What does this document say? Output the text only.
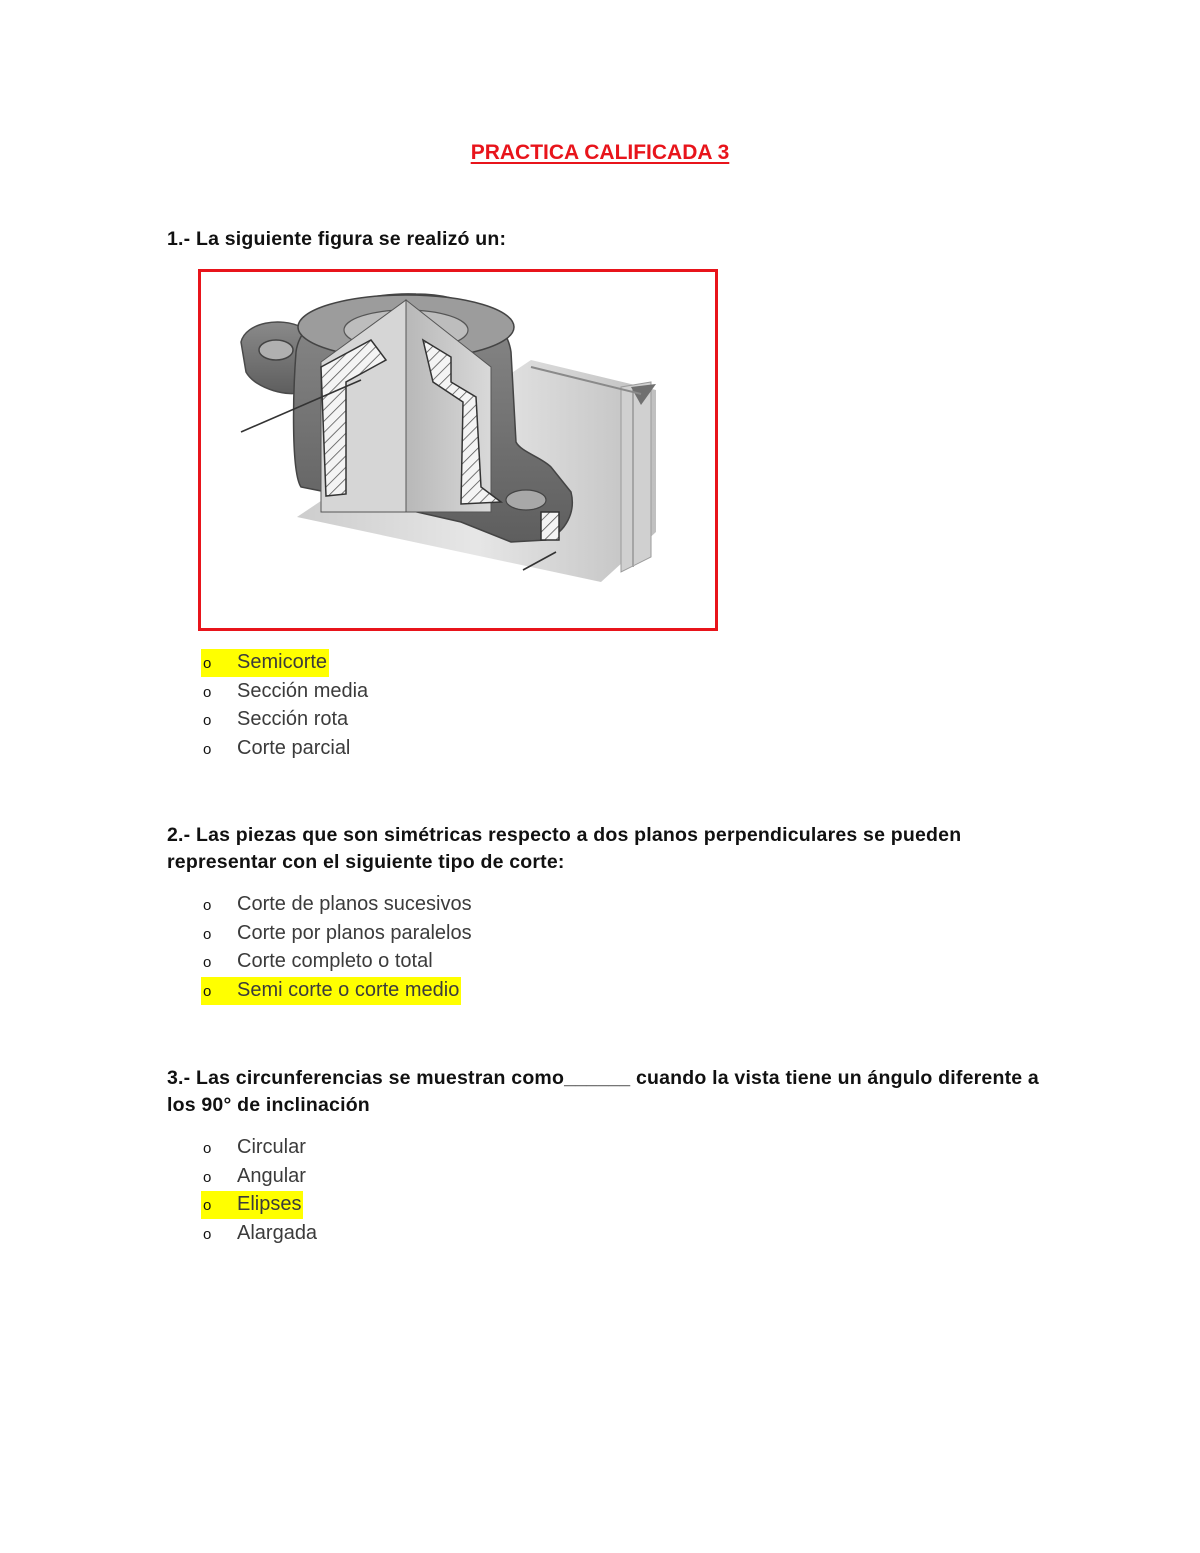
PRACTICA CALIFICADA 3
1.- La siguiente figura se realizó un:
o Semicorte
o Sección media
o Sección rota
o Corte parcial
2.- Las piezas que son simétricas respecto a dos planos perpendiculares se pueden representar con el siguiente tipo de corte:
o Corte de planos sucesivos
o Corte por planos paralelos
o Corte completo o total
o Semi corte o corte medio
3.- Las circunferencias se muestran como______ cuando la vista tiene un ángulo diferente a los 90° de inclinación
o Circular
o Angular
o Elipses
o Alargada
